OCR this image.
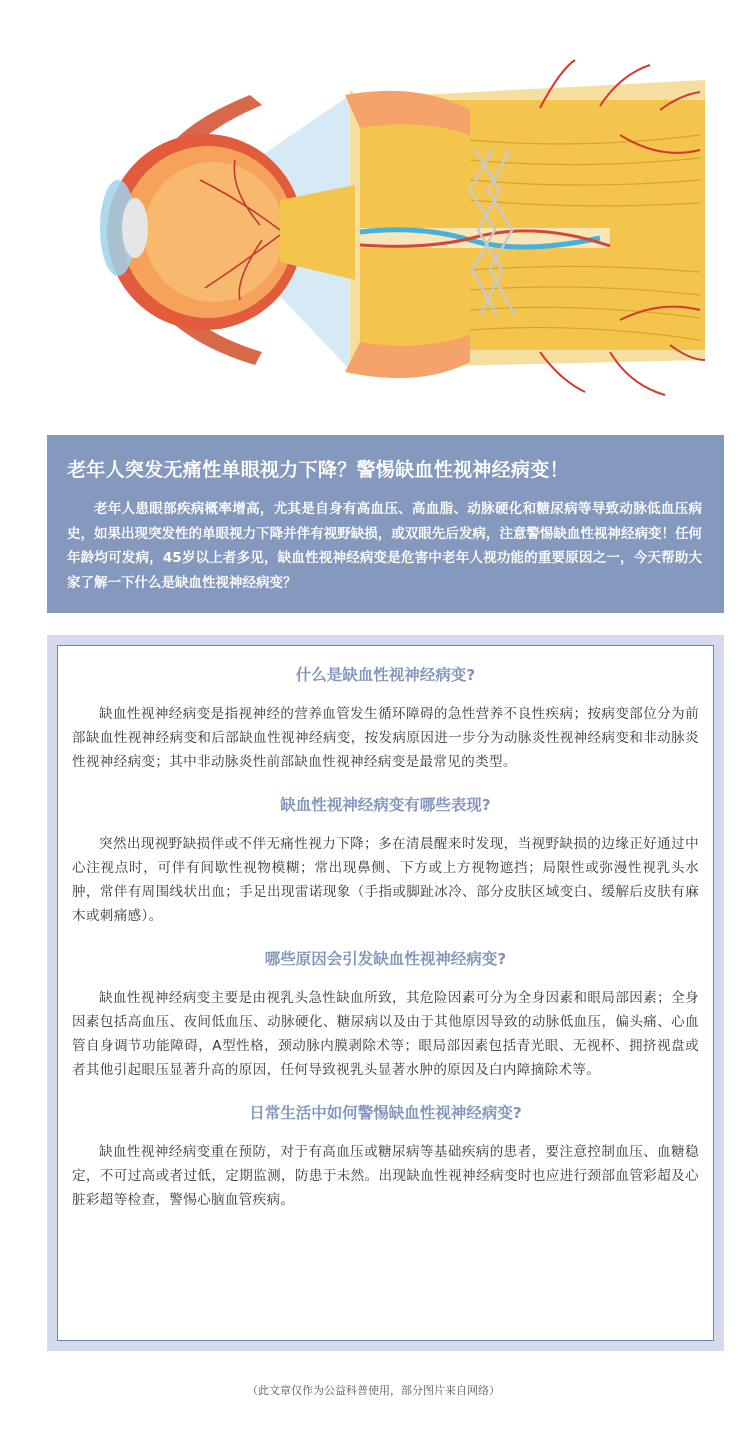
老年人突发无痛性单眼视力下降？警惕缺血性视神经病变！

老年人患眼部疾病概率增高，尤其是自身有高血压、高血脂、动脉硬化和糖尿病等导致动脉低血压病史，如果出现突发性的单眼视力下降并伴有视野缺损，或双眼先后发病，注意警惕缺血性视神经病变！任何年龄均可发病，45岁以上者多见，缺血性视神经病变是危害中老年人视功能的重要原因之一，今天帮助大家了解一下什么是缺血性视神经病变？

什么是缺血性视神经病变?

缺血性视神经病变是指视神经的营养血管发生循环障碍的急性营养不良性疾病；按病变部位分为前部缺血性视神经病变和后部缺血性视神经病变，按发病原因进一步分为动脉炎性视神经病变和非动脉炎性视神经病变；其中非动脉炎性前部缺血性视神经病变是最常见的类型。

缺血性视神经病变有哪些表现?

突然出现视野缺损伴或不伴无痛性视力下降；多在清晨醒来时发现，当视野缺损的边缘正好通过中心注视点时，可伴有间歇性视物模糊；常出现鼻侧、下方或上方视物遮挡；局限性或弥漫性视乳头水肿，常伴有周围线状出血；手足出现雷诺现象（手指或脚趾冰冷、部分皮肤区域变白、缓解后皮肤有麻木或刺痛感）。

哪些原因会引发缺血性视神经病变?

缺血性视神经病变主要是由视乳头急性缺血所致，其危险因素可分为全身因素和眼局部因素；全身因素包括高血压、夜间低血压、动脉硬化、糖尿病以及由于其他原因导致的动脉低血压，偏头痛、心血管自身调节功能障碍，A型性格，颈动脉内膜剥除术等；眼局部因素包括青光眼、无视杯、拥挤视盘或者其他引起眼压显著升高的原因，任何导致视乳头显著水肿的原因及白内障摘除术等。

日常生活中如何警惕缺血性视神经病变?

缺血性视神经病变重在预防，对于有高血压或糖尿病等基础疾病的患者，要注意控制血压、血糖稳定，不可过高或者过低，定期监测，防患于未然。出现缺血性视神经病变时也应进行颈部血管彩超及心脏彩超等检查，警惕心脑血管疾病。

（此文章仅作为公益科普使用，部分图片来自网络）
